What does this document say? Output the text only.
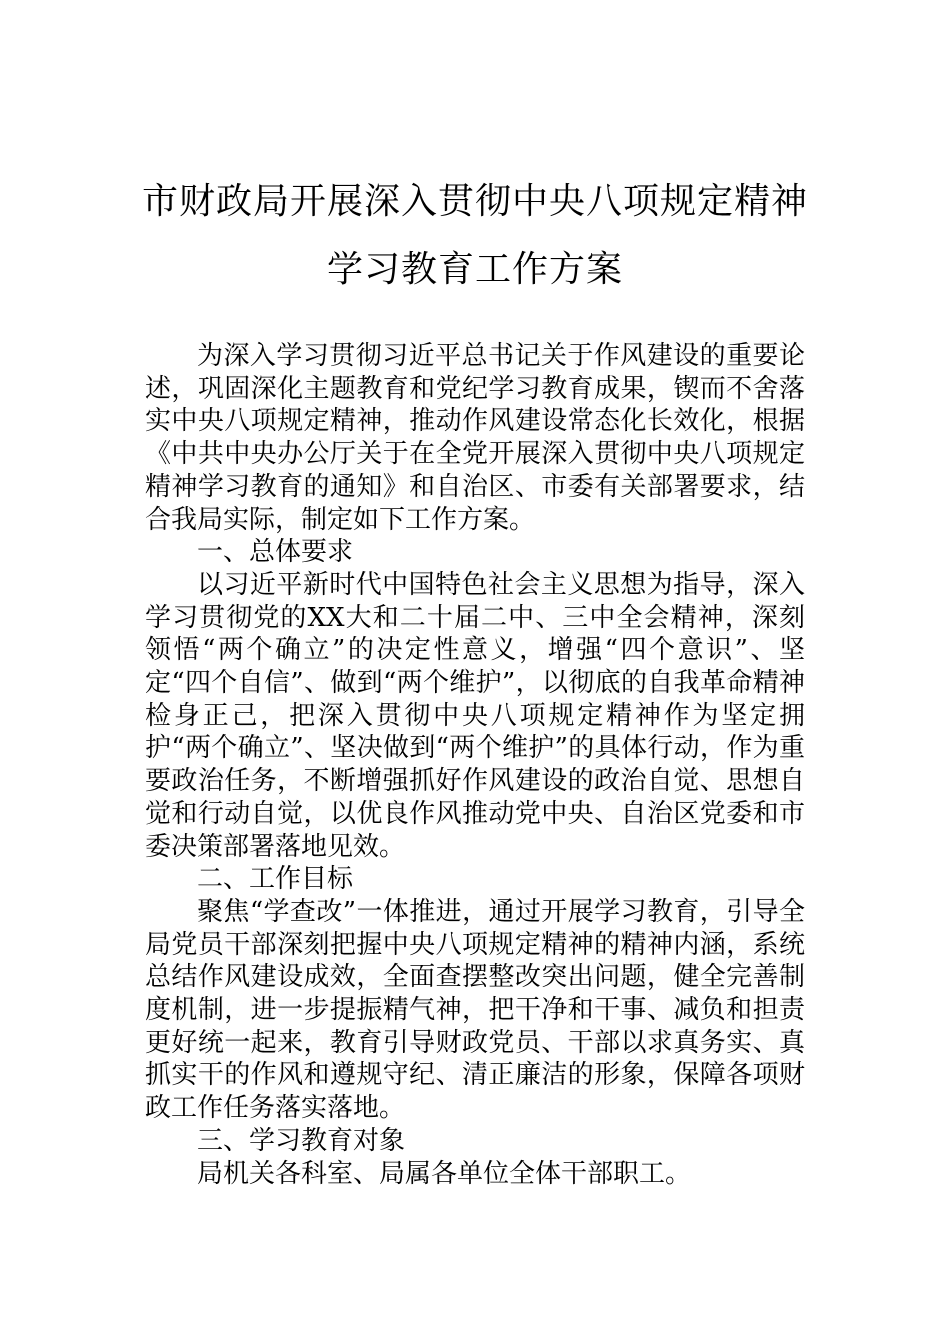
市财政局开展深入贯彻中央八项规定精神
学习教育工作方案

为深入学习贯彻习近平总书记关于作风建设的重要论述，巩固深化主题教育和党纪学习教育成果，锲而不舍落实中央八项规定精神，推动作风建设常态化长效化，根据《中共中央办公厅关于在全党开展深入贯彻中央八项规定精神学习教育的通知》和自治区、市委有关部署要求，结合我局实际，制定如下工作方案。

一、总体要求

以习近平新时代中国特色社会主义思想为指导，深入学习贯彻党的XX大和二十届二中、三中全会精神，深刻领悟“两个确立”的决定性意义，增强“四个意识”、坚定“四个自信”、做到“两个维护”，以彻底的自我革命精神检身正己，把深入贯彻中央八项规定精神作为坚定拥护“两个确立”、坚决做到“两个维护”的具体行动，作为重要政治任务，不断增强抓好作风建设的政治自觉、思想自觉和行动自觉，以优良作风推动党中央、自治区党委和市委决策部署落地见效。

二、工作目标

聚焦“学查改”一体推进，通过开展学习教育，引导全局党员干部深刻把握中央八项规定精神的精神内涵，系统总结作风建设成效，全面查摆整改突出问题，健全完善制度机制，进一步提振精气神，把干净和干事、减负和担责更好统一起来，教育引导财政党员、干部以求真务实、真抓实干的作风和遵规守纪、清正廉洁的形象，保障各项财政工作任务落实落地。

三、学习教育对象

局机关各科室、局属各单位全体干部职工。
